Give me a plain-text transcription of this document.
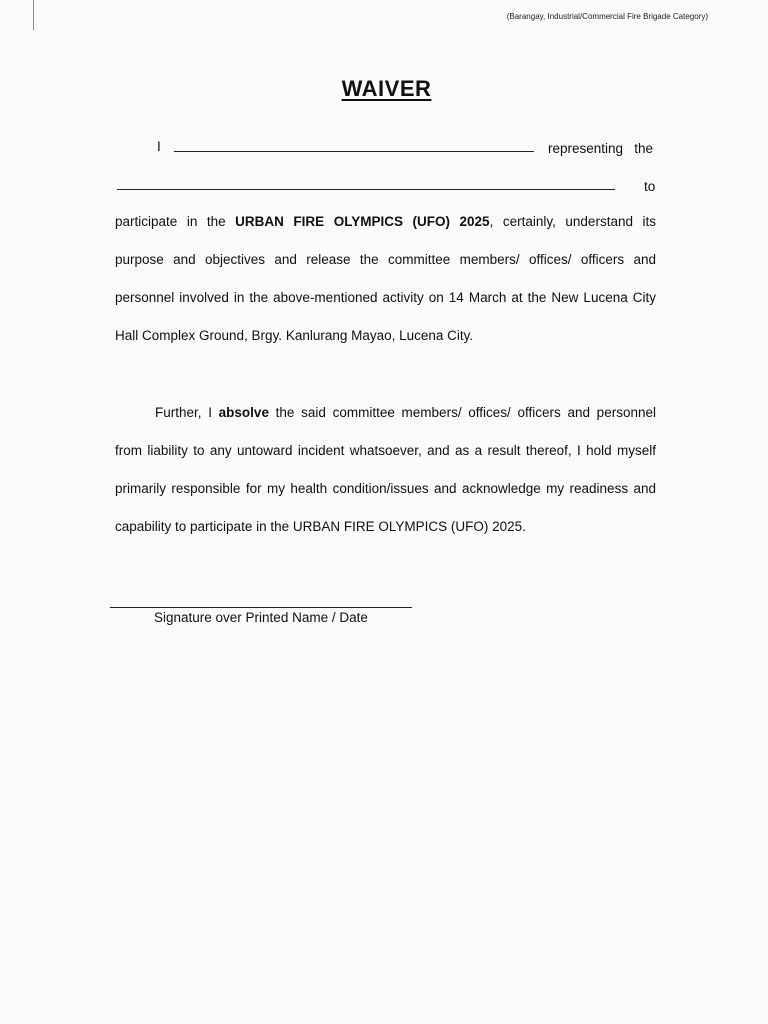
(Barangay, Industrial/Commercial Fire Brigade Category)
WAIVER
I	representing   the
to
participate in the URBAN FIRE OLYMPICS (UFO) 2025, certainly, understand its
purpose and objectives and release the committee members/ offices/ officers and
personnel involved in the above-mentioned activity on 14 March at the New Lucena City
Hall Complex Ground, Brgy. Kanlurang Mayao, Lucena City.
Further, I absolve the said committee members/ offices/ officers and personnel
from liability to any untoward incident whatsoever, and as a result thereof, I hold myself
primarily responsible for my health condition/issues and acknowledge my readiness and
capability to participate in the URBAN FIRE OLYMPICS (UFO) 2025.
Signature over Printed Name / Date
